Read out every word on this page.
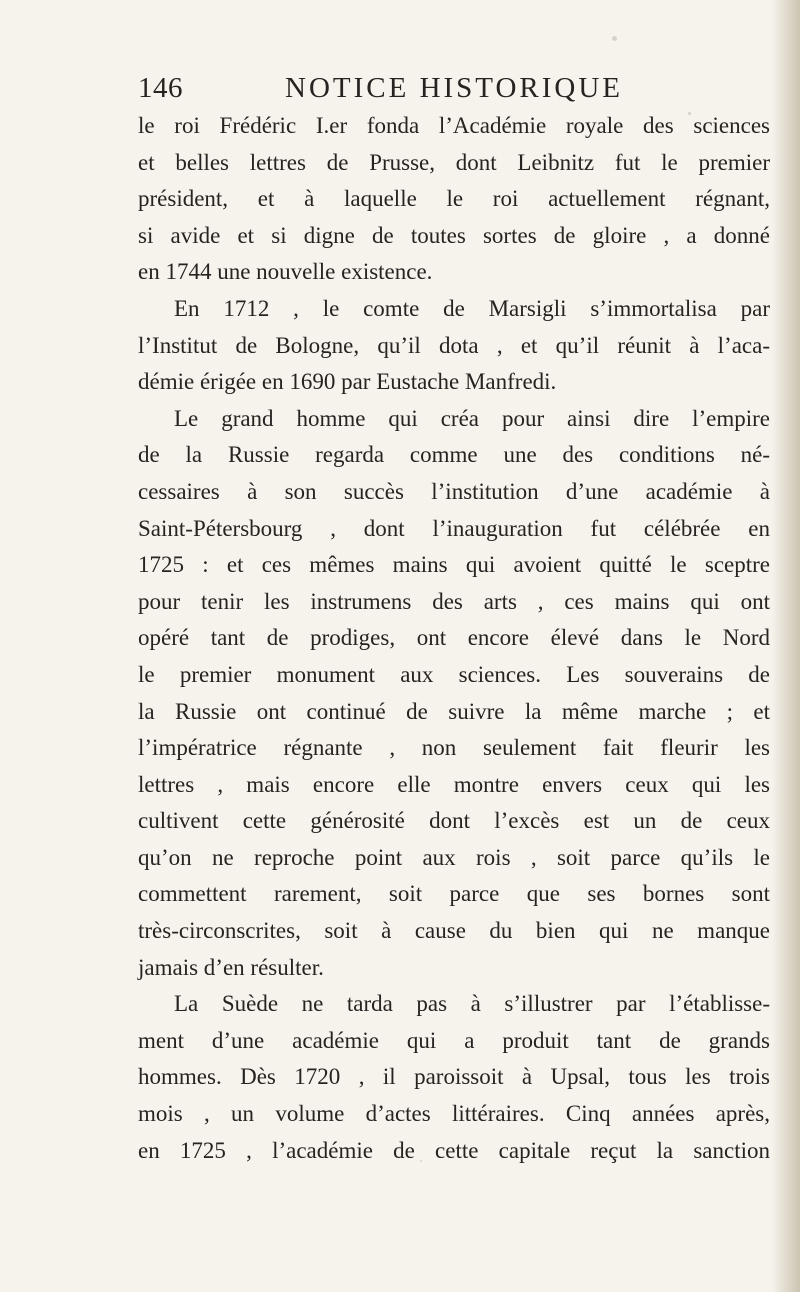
146	NOTICE HISTORIQUE
le roi Frédéric I.er fonda l’Académie royale des sciences
et belles lettres de Prusse, dont Leibnitz fut le premier
président, et à laquelle le roi actuellement régnant,
si avide et si digne de toutes sortes de gloire , a donné
en 1744 une nouvelle existence.
En 1712 , le comte de Marsigli s’immortalisa par
l’Institut de Bologne, qu’il dota , et qu’il réunit à l’aca-
démie érigée en 1690 par Eustache Manfredi.
Le grand homme qui créa pour ainsi dire l’empire
de la Russie regarda comme une des conditions né-
cessaires à son succès l’institution d’une académie à
Saint-Pétersbourg , dont l’inauguration fut célébrée en
1725 : et ces mêmes mains qui avoient quitté le sceptre
pour tenir les instrumens des arts , ces mains qui ont
opéré tant de prodiges, ont encore élevé dans le Nord
le premier monument aux sciences. Les souverains de
la Russie ont continué de suivre la même marche ; et
l’impératrice régnante , non seulement fait fleurir les
lettres , mais encore elle montre envers ceux qui les
cultivent cette générosité dont l’excès est un de ceux
qu’on ne reproche point aux rois , soit parce qu’ils le
commettent rarement, soit parce que ses bornes sont
très-circonscrites, soit à cause du bien qui ne manque
jamais d’en résulter.
La Suède ne tarda pas à s’illustrer par l’établisse-
ment d’une académie qui a produit tant de grands
hommes. Dès 1720 , il paroissoit à Upsal, tous les trois
mois , un volume d’actes littéraires. Cinq années après,
en 1725 , l’académie de cette capitale reçut la sanction
